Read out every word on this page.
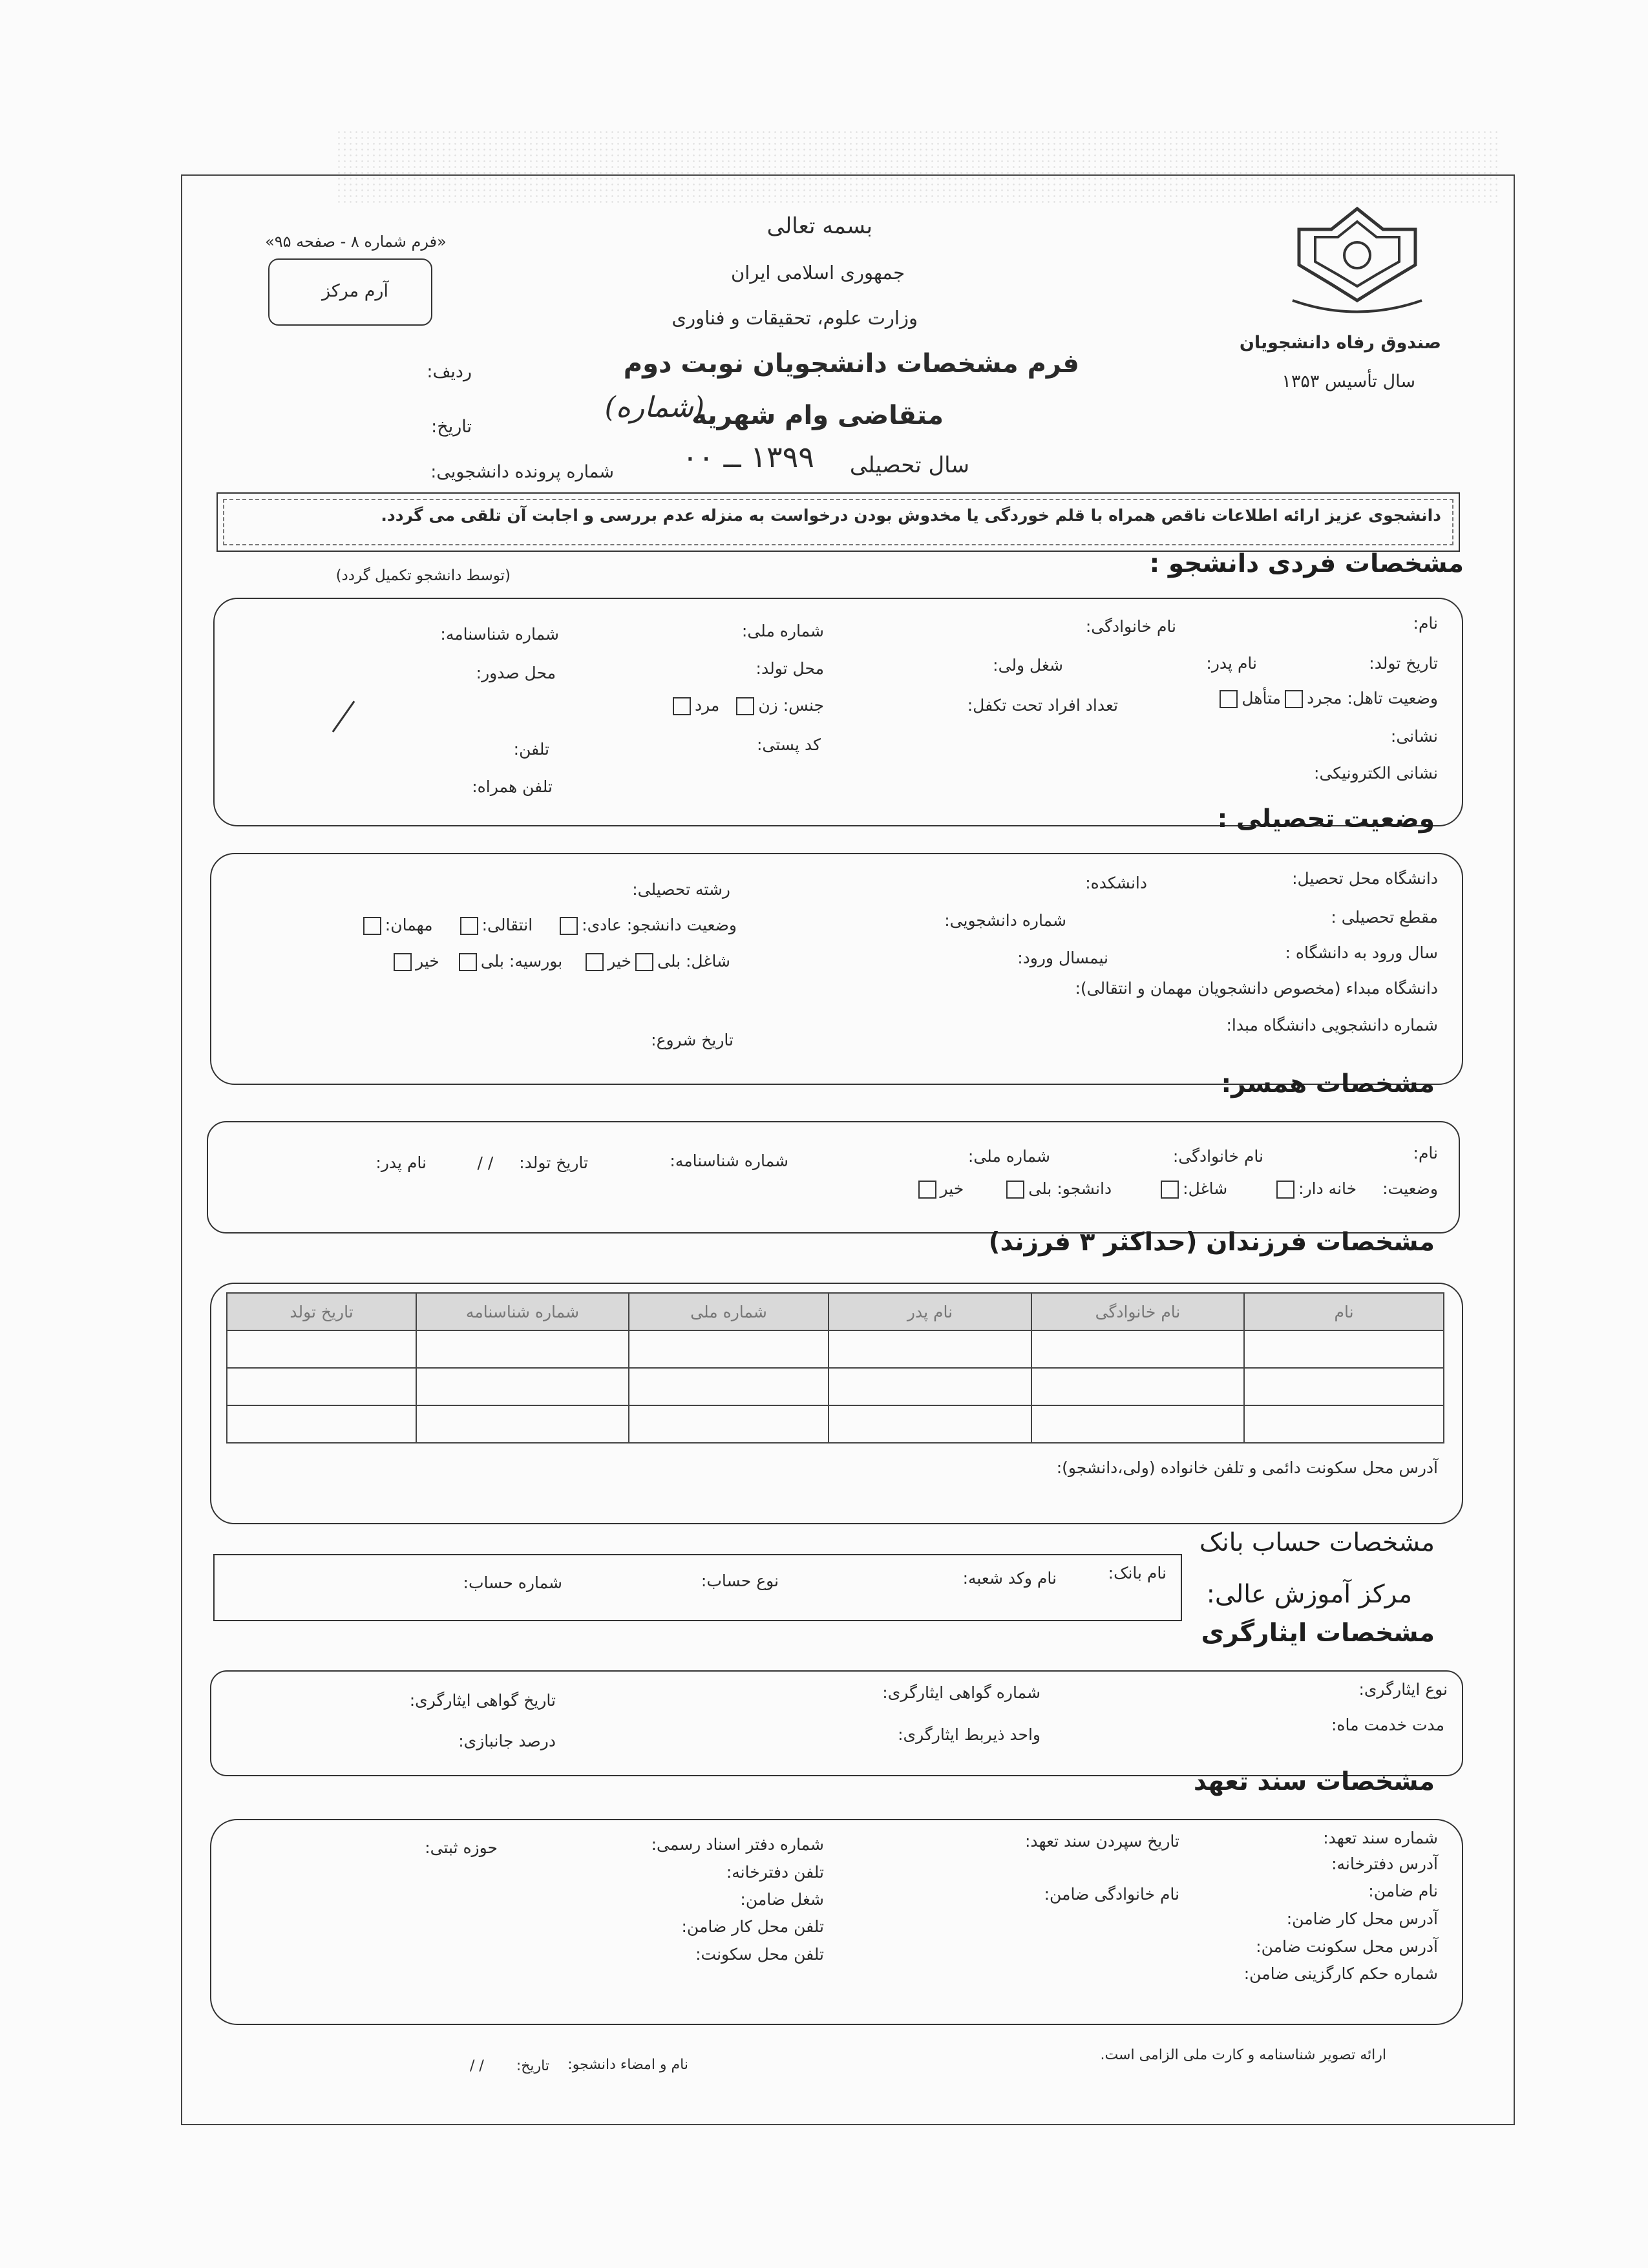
صندوق رفاه دانشجویان
سال تأسیس ۱۳۵۳
بسمه تعالی
جمهوری اسلامی ایران
وزارت علوم، تحقیقات و فناوری
فرم مشخصات دانشجویان نوبت دوم
متقاضی وام شهریه
(شماره)
سال تحصیلی
۱۳۹۹ ــ ۰۰
شماره پرونده دانشجویی:
ردیف:
تاریخ:
«فرم شماره ۸ - صفحه ۹۵»
آرم مرکز
دانشجوی عزیز ارائه اطلاعات ناقص همراه با قلم خوردگی یا مخدوش بودن درخواست به منزله عدم بررسی و اجابت آن تلقی می گردد.
مشخصات فردی دانشجو :
(توسط دانشجو تکمیل گردد)
نام:
نام خانوادگی:
شماره ملی:
شماره شناسنامه:
تاریخ تولد:
نام پدر:
شغل ولی:
محل تولد:
محل صدور:
وضعیت تاهل: مجردمتأهل
تعداد افراد تحت تکفل:
جنس: زنمرد
نشانی:
کد پستی:
تلفن:
نشانی الکترونیکی:
تلفن همراه:
وضعیت تحصیلی :
دانشگاه محل تحصیل:
دانشکده:
رشته تحصیلی:
مقطع تحصیلی :
شماره دانشجویی:
وضعیت دانشجو: عادی:انتقالی:مهمان:
سال ورود به دانشگاه :
نیمسال ورود:
شاغل: بلیخیربورسیه: بلیخیر
دانشگاه مبداء (مخصوص دانشجویان مهمان و انتقالی):
شماره دانشجویی دانشگاه مبدا:
تاریخ شروع:
مشخصات همسر:
نام:
نام خانوادگی:
شماره ملی:
شماره شناسنامه:
تاریخ تولد:/ /
نام پدر:
وضعیت:خانه دار:شاغل:دانشجو: بلیخیر
مشخصات فرزندان (حداکثر ۳ فرزند)
نام	نام خانوادگی	نام پدر	شماره ملی	شماره شناسنامه	تاریخ تولد

آدرس محل سکونت دائمی و تلفن خانواده (ولی،دانشجو):
مشخصات حساب بانک
نام بانک:
نام وکد شعبه:
نوع حساب:
شماره حساب:	مرکز آموزش عالی:
مشخصات ایثارگری
نوع ایثارگری:
شماره گواهی ایثارگری:
تاریخ گواهی ایثارگری:
مدت خدمت ماه:
واحد ذیربط ایثارگری:
درصد جانبازی:
مشخصات سند تعهد
شماره سند تعهد:
تاریخ سپردن سند تعهد:
شماره دفتر اسناد رسمی:
حوزه ثبتی:
آدرس دفترخانه:
تلفن دفترخانه:
نام ضامن:
نام خانوادگی ضامن:
شغل ضامن:
آدرس محل کار ضامن:
تلفن محل کار ضامن:
آدرس محل سکونت ضامن:
تلفن محل سکونت:
شماره حکم کارگزینی ضامن:
ارائه تصویر شناسنامه و کارت ملی الزامی است.
نام و امضاء دانشجو:
تاریخ:/ /
